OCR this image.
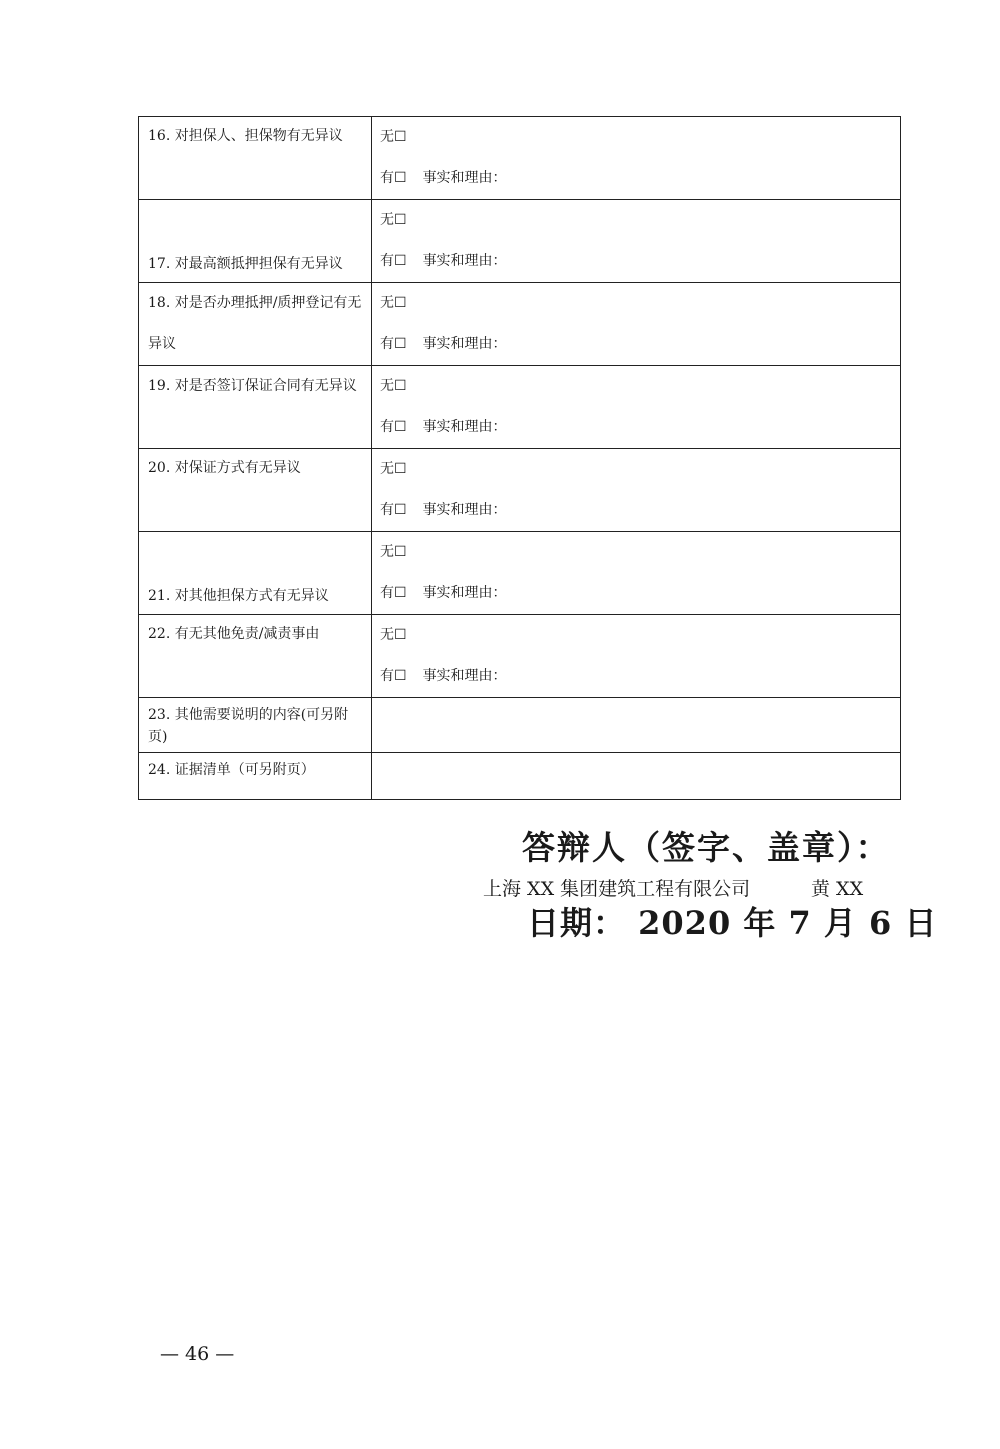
16. 对担保人、担保物有无异议	无☐
有☐ 事实和理由：

17. 对最高额抵押担保有无异议	无☐
有☐ 事实和理由：

18. 对是否办理抵押/质押登记有无异议	无☐
有☐ 事实和理由：

19. 对是否签订保证合同有无异议	无☐
有☐ 事实和理由：

20. 对保证方式有无异议	无☐
有☐ 事实和理由：

21. 对其他担保方式有无异议	无☐
有☐ 事实和理由：

22. 有无其他免责/减责事由	无☐
有☐ 事实和理由：

23. 其他需要说明的内容(可另附页)	

24. 证据清单（可另附页）	

答辩人（签字、盖章）：
上海 XX 集团建筑工程有限公司	黄 XX
日期： 2020 年 7 月 6 日
— 46 —
